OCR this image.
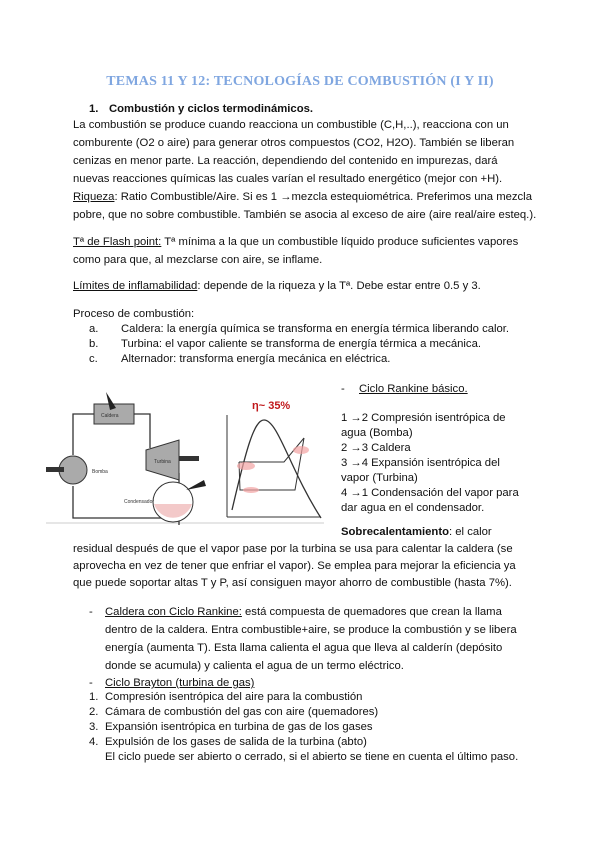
TEMAS 11 Y 12: TECNOLOGÍAS DE COMBUSTIÓN (I Y II)
1. Combustión y ciclos termodinámicos.
La combustión se produce cuando reacciona un combustible (C,H,..), reacciona con un
comburente (O2 o aire) para generar otros compuestos (CO2, H2O). También se liberan
cenizas en menor parte. La reacción, dependiendo del contenido en impurezas, dará
nuevas reacciones químicas las cuales varían el resultado energético (mejor con +H).
Riqueza: Ratio Combustible/Aire. Si es 1 →mezcla estequiométrica. Preferimos una mezcla
pobre, que no sobre combustible. También se asocia al exceso de aire (aire real/aire esteq.).
Tª de Flash point: Tª mínima a la que un combustible líquido produce suficientes vapores
como para que, al mezclarse con aire, se inflame.
Límites de inflamabilidad: depende de la riqueza y la Tª. Debe estar entre 0.5 y 3.
Proceso de combustión:
a. Caldera: la energía química se transforma en energía térmica liberando calor.
b. Turbina: el vapor caliente se transforma de energía térmica a mecánica.
c. Alternador: transforma energía mecánica en eléctrica.
Caldera
Turbina
Bomba
Condensador
η~ 35%
- Ciclo Rankine básico.
1 →2 Compresión isentrópica de
agua (Bomba)
2 →3 Caldera
3 →4 Expansión isentrópica del
vapor (Turbina)
4 →1 Condensación del vapor para
dar agua en el condensador.
Sobrecalentamiento: el calor
residual después de que el vapor pase por la turbina se usa para calentar la caldera (se
aprovecha en vez de tener que enfriar el vapor). Se emplea para mejorar la eficiencia ya
que puede soportar altas T y P, así consiguen mayor ahorro de combustible (hasta 7%).
- Caldera con Ciclo Rankine: está compuesta de quemadores que crean la llama
dentro de la caldera. Entra combustible+aire, se produce la combustión y se libera
energía (aumenta T). Esta llama calienta el agua que lleva al calderín (depósito
donde se acumula) y calienta el agua de un termo eléctrico.
- Ciclo Brayton (turbina de gas)
1. Compresión isentrópica del aire para la combustión
2. Cámara de combustión del gas con aire (quemadores)
3. Expansión isentrópica en turbina de gas de los gases
4. Expulsión de los gases de salida de la turbina (abto)
El ciclo puede ser abierto o cerrado, si el abierto se tiene en cuenta el último paso.
